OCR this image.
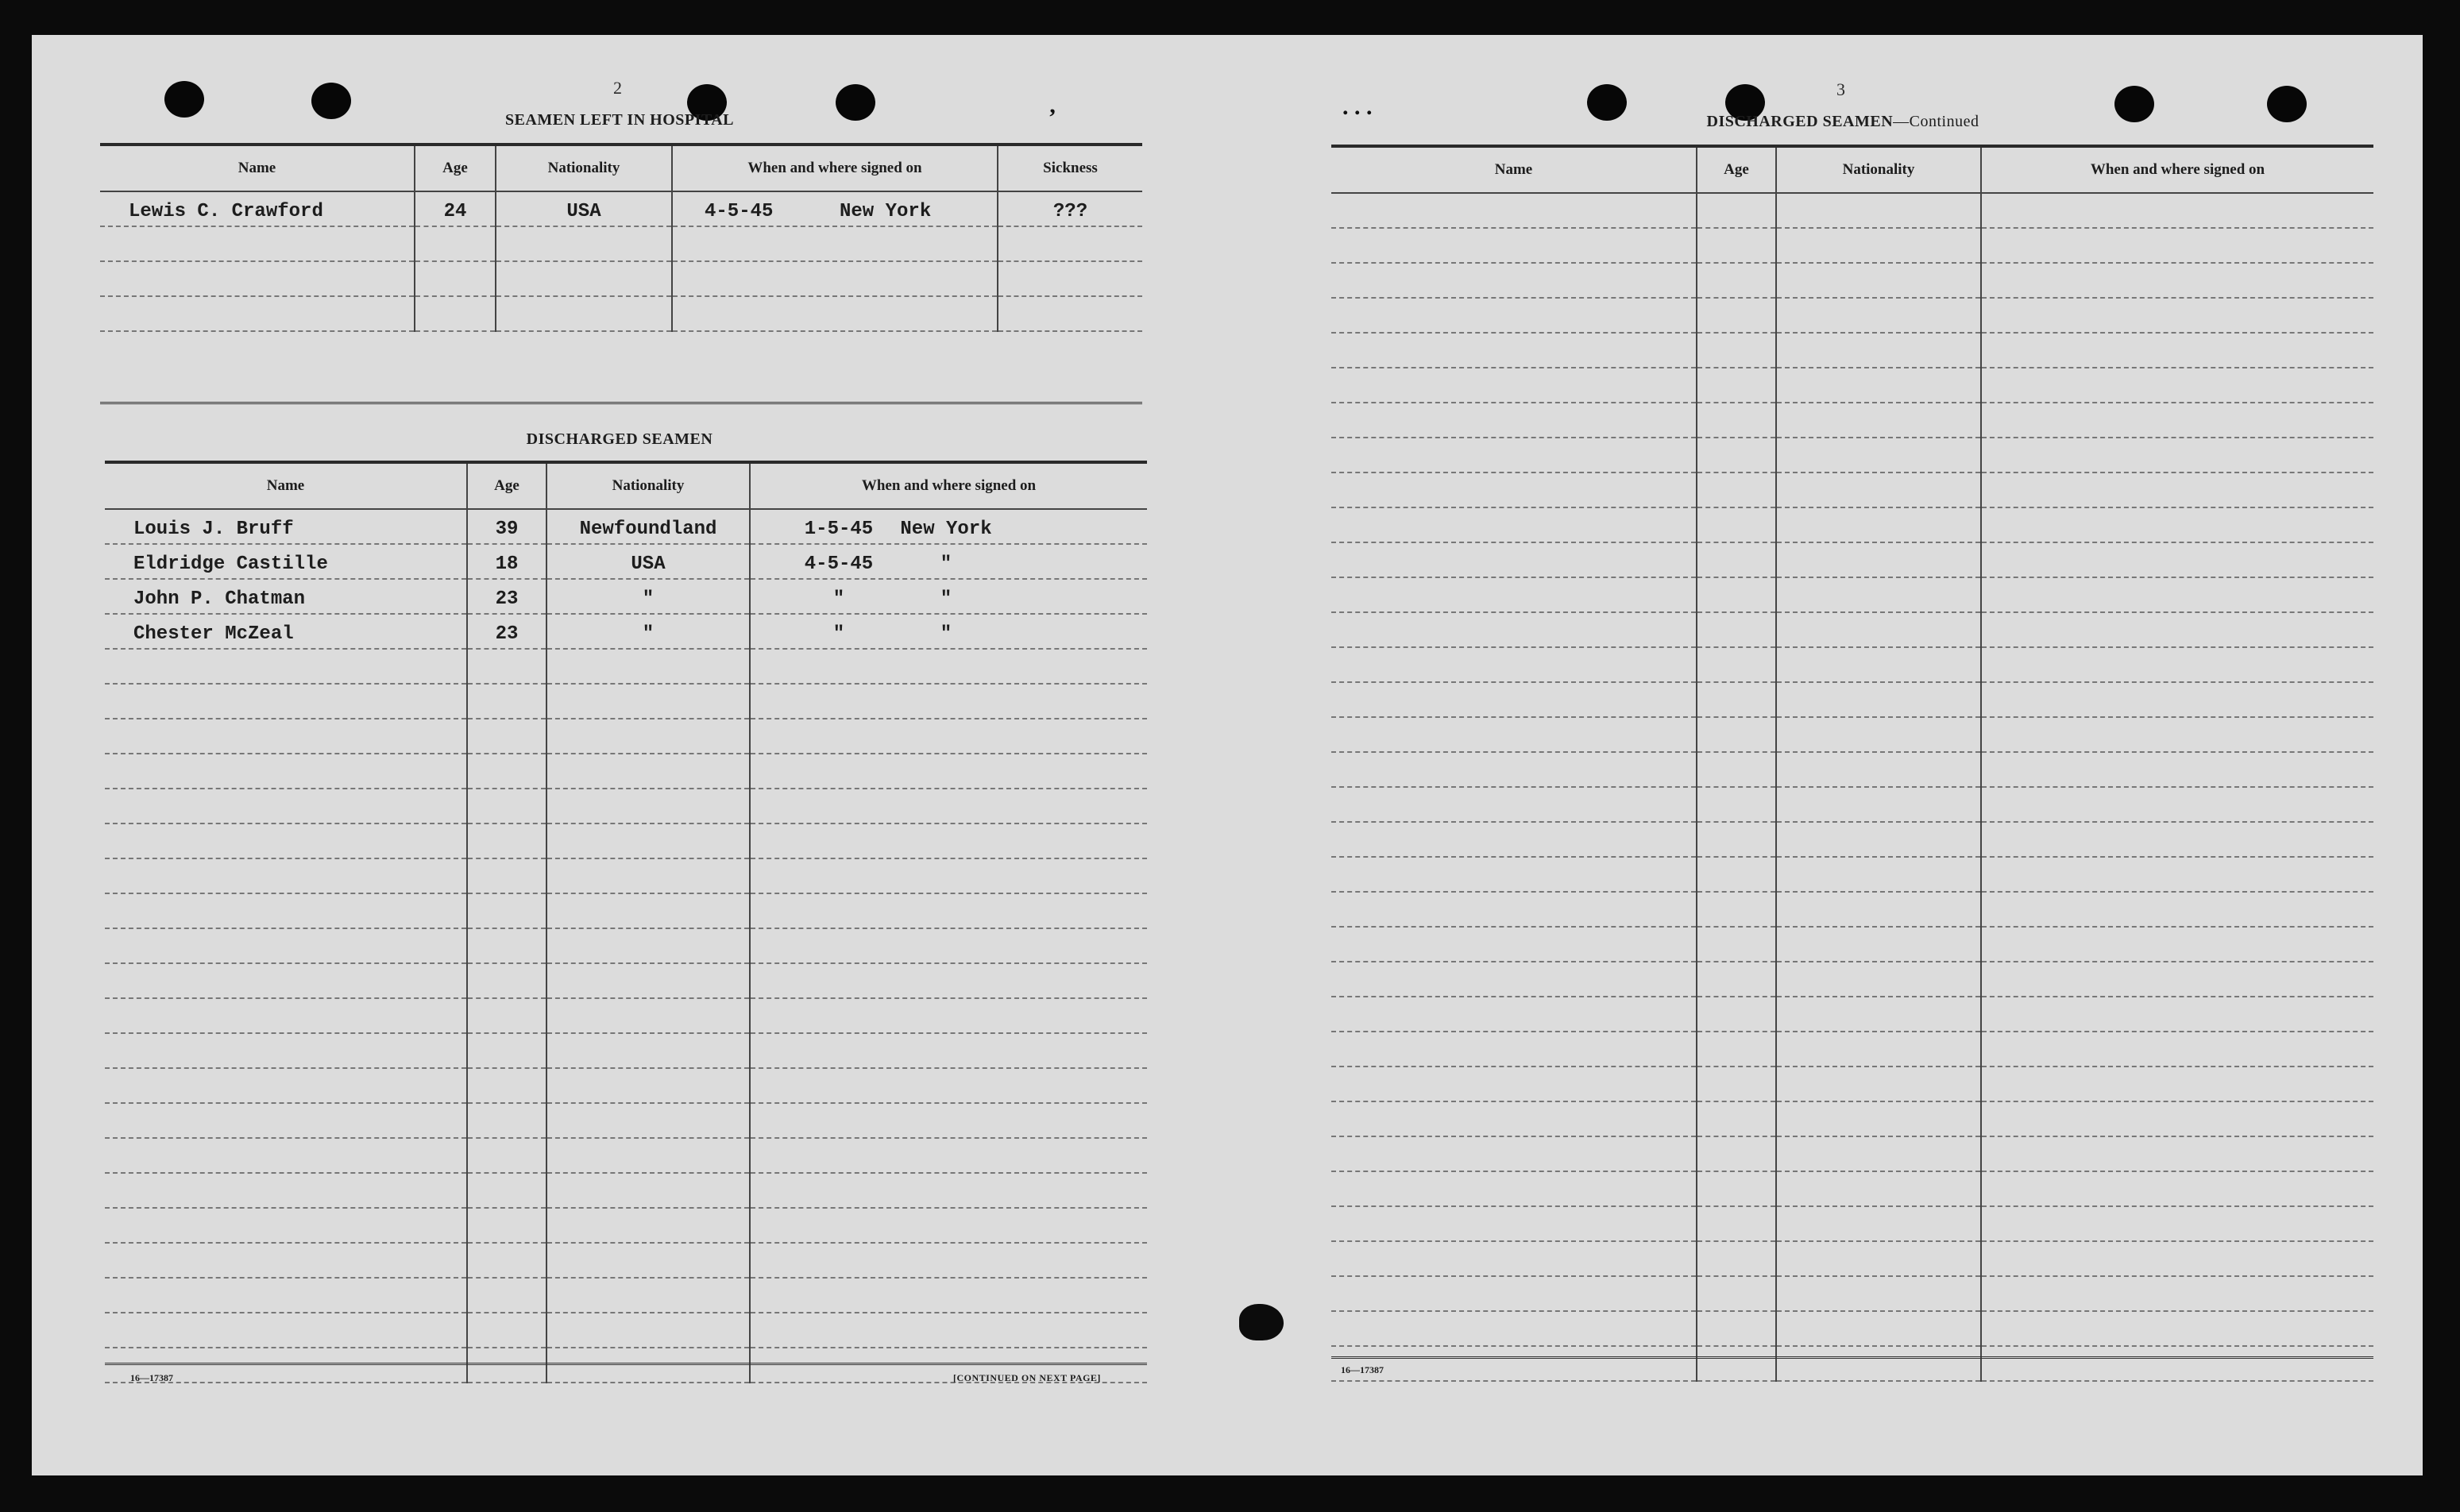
2
SEAMEN LEFT IN HOSPITAL
Name	Age	Nationality	When and where signed on	Sickness
Lewis C. Crawford	24	USA	4-5-45 New York	???

DISCHARGED SEAMEN
Name	Age	Nationality	When and where signed on
Louis J. Bruff	39	Newfoundland	1-5-45 New York
Eldridge Castille	18	USA	4-5-45 "
John P. Chatman	23	"	" "
Chester McZeal	23	"	" "

16—17387	[CONTINUED ON NEXT PAGE]
‚
3
DISCHARGED SEAMEN—Continued
Name	Age	Nationality	When and where signed on

16—17387
. . .
